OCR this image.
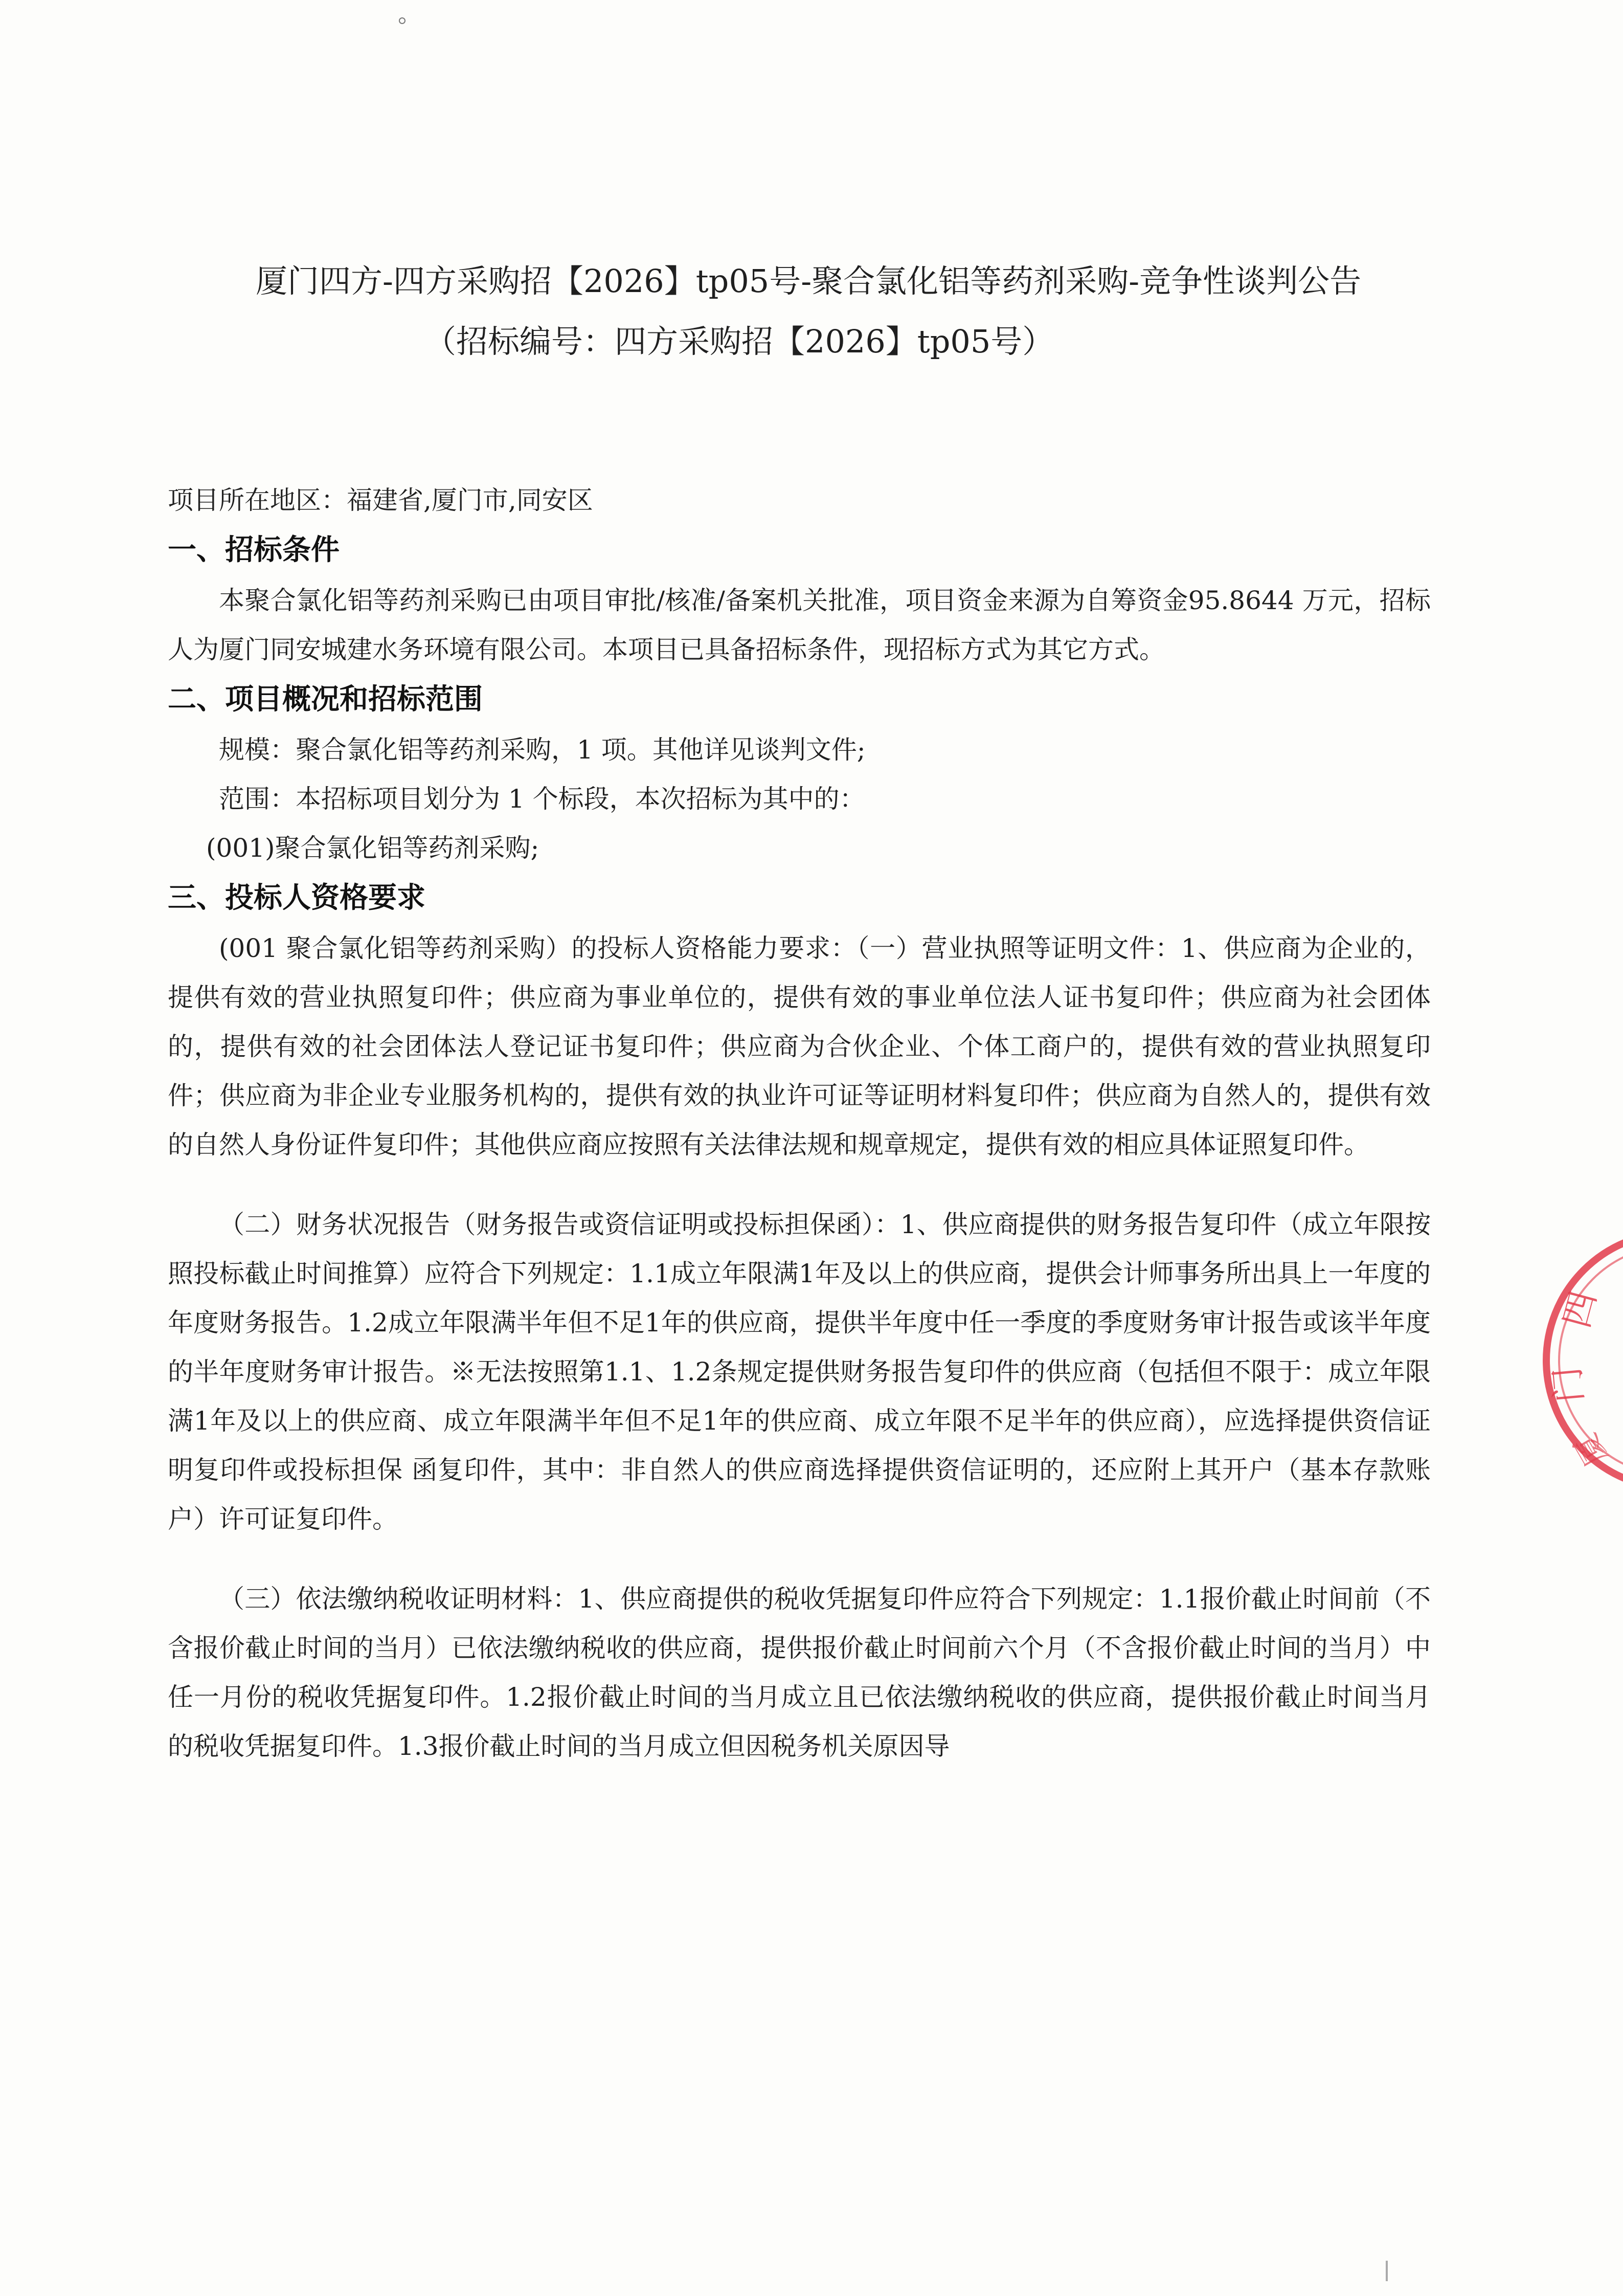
厦门四方-四方采购招【2026】tp05号-聚合氯化铝等药剂采购-竞争性谈判公告
（招标编号：四方采购招【2026】tp05号）

项目所在地区：福建省,厦门市,同安区

一、招标条件

本聚合氯化铝等药剂采购已由项目审批/核准/备案机关批准，项目资金来源为自筹资金95.8644 万元，招标人为厦门同安城建水务环境有限公司。本项目已具备招标条件，现招标方式为其它方式。

二、项目概况和招标范围

规模：聚合氯化铝等药剂采购，1 项。其他详见谈判文件;

范围：本招标项目划分为 1 个标段，本次招标为其中的：

(001)聚合氯化铝等药剂采购;

三、投标人资格要求

(001 聚合氯化铝等药剂采购）的投标人资格能力要求：（一）营业执照等证明文件：1、供应商为企业的，提供有效的营业执照复印件；供应商为事业单位的，提供有效的事业单位法人证书复印件；供应商为社会团体的，提供有效的社会团体法人登记证书复印件；供应商为合伙企业、个体工商户的，提供有效的营业执照复印件；供应商为非企业专业服务机构的，提供有效的执业许可证等证明材料复印件；供应商为自然人的，提供有效的自然人身份证件复印件；其他供应商应按照有关法律法规和规章规定，提供有效的相应具体证照复印件。

（二）财务状况报告（财务报告或资信证明或投标担保函）：1、供应商提供的财务报告复印件（成立年限按照投标截止时间推算）应符合下列规定：1.1成立年限满1年及以上的供应商，提供会计师事务所出具上一年度的年度财务报告。1.2成立年限满半年但不足1年的供应商，提供半年度中任一季度的季度财务审计报告或该半年度的半年度财务审计报告。※无法按照第1.1、1.2条规定提供财务报告复印件的供应商（包括但不限于：成立年限满1年及以上的供应商、成立年限满半年但不足1年的供应商、成立年限不足半年的供应商），应选择提供资信证明复印件或投标担保 函复印件，其中：非自然人的供应商选择提供资信证明的，还应附上其开户（基本存款账户）许可证复印件。

（三）依法缴纳税收证明材料：1、供应商提供的税收凭据复印件应符合下列规定：1.1报价截止时间前（不含报价截止时间的当月）已依法缴纳税收的供应商，提供报价截止时间前六个月（不含报价截止时间的当月）中任一月份的税收凭据复印件。1.2报价截止时间的当月成立且已依法缴纳税收的供应商，提供报价截止时间当月的税收凭据复印件。1.3报价截止时间的当月成立但因税务机关原因导

四
门
厦
